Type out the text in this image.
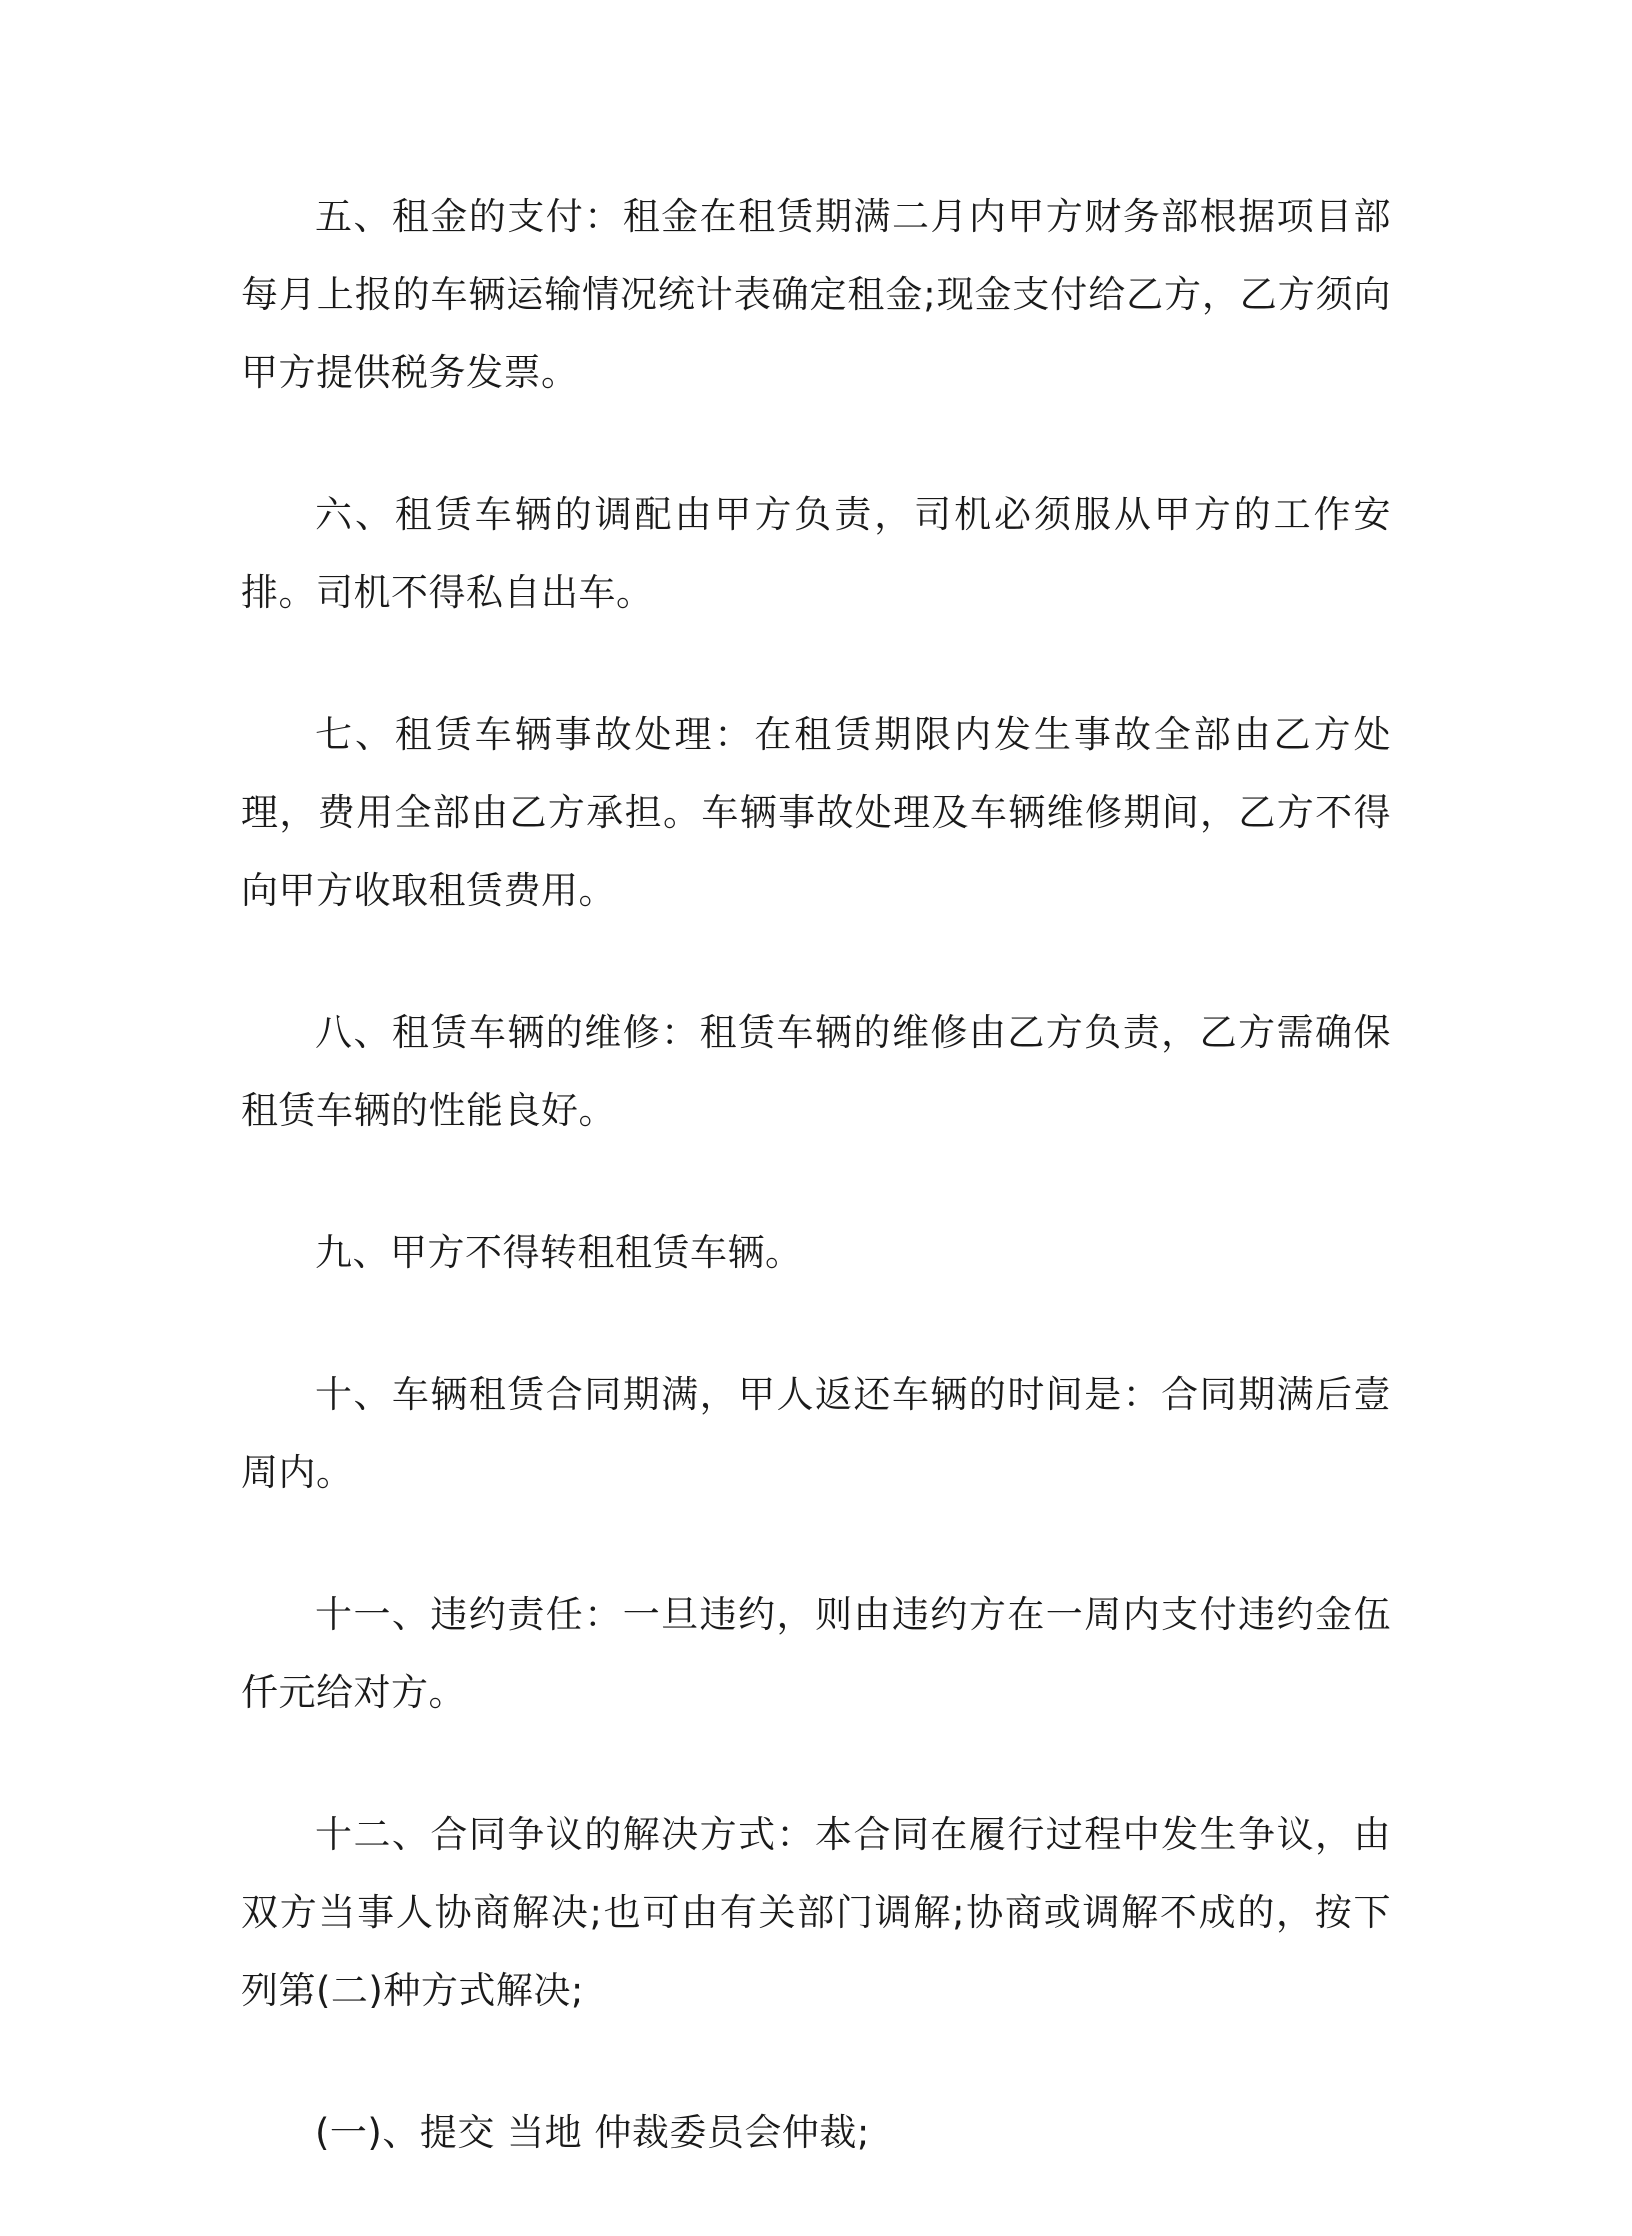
五、租金的支付：租金在租赁期满二月内甲方财务部根据项目部每月上报的车辆运输情况统计表确定租金;现金支付给乙方，乙方须向甲方提供税务发票。

六、租赁车辆的调配由甲方负责，司机必须服从甲方的工作安排。司机不得私自出车。

七、租赁车辆事故处理：在租赁期限内发生事故全部由乙方处理，费用全部由乙方承担。车辆事故处理及车辆维修期间，乙方不得向甲方收取租赁费用。

八、租赁车辆的维修：租赁车辆的维修由乙方负责，乙方需确保租赁车辆的性能良好。

九、甲方不得转租租赁车辆。

十、车辆租赁合同期满，甲人返还车辆的时间是：合同期满后壹周内。

十一、违约责任：一旦违约，则由违约方在一周内支付违约金伍仟元给对方。

十二、合同争议的解决方式：本合同在履行过程中发生争议，由双方当事人协商解决;也可由有关部门调解;协商或调解不成的，按下列第(二)种方式解决;

(一)、提交 当地 仲裁委员会仲裁;
